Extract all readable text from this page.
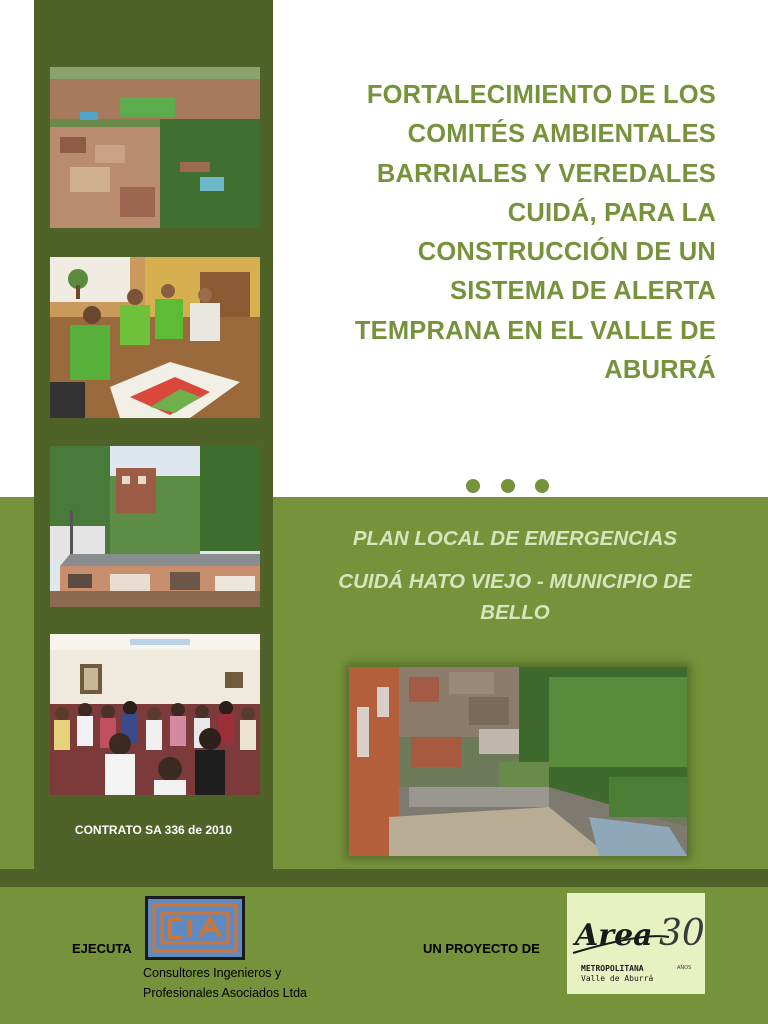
CONTRATO SA 336 de 2010
FORTALECIMIENTO DE LOS
COMITÉS AMBIENTALES
BARRIALES Y VEREDALES
CUIDÁ, PARA LA
CONSTRUCCIÓN DE UN
SISTEMA DE ALERTA
TEMPRANA EN EL VALLE DE
ABURRÁ
PLAN LOCAL DE EMERGENCIAS
CUIDÁ HATO VIEJO - MUNICIPIO DE
BELLO
EJECUTA
Consultores Ingenieros y
Profesionales Asociados Ltda
UN PROYECTO DE Area 30
METROPOLITANA
Valle de Aburrá
AÑOS
